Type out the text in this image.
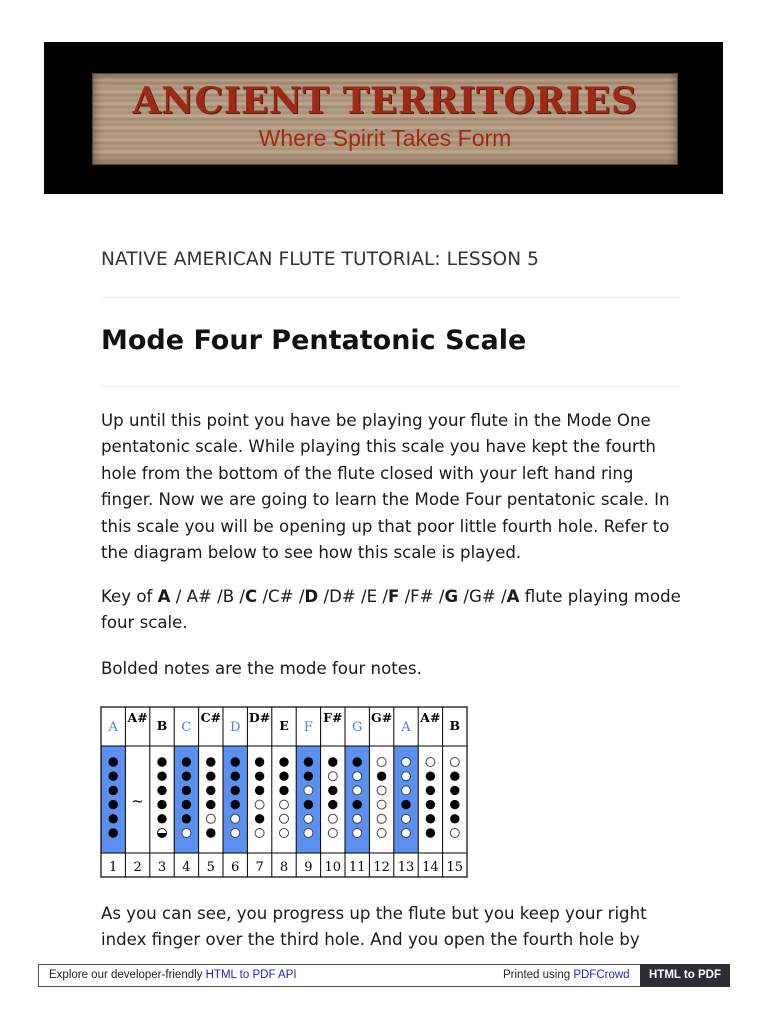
ANCIENT TERRITORIES
Where Spirit Takes Form
NATIVE AMERICAN FLUTE TUTORIAL: LESSON 5
Mode Four Pentatonic Scale
Up until this point you have be playing your flute in the Mode One pentatonic scale. While playing this scale you have kept the fourth hole from the bottom of the flute closed with your left hand ring finger. Now we are going to learn the Mode Four pentatonic scale. In this scale you will be opening up that poor little fourth hole. Refer to the diagram below to see how this scale is played.
Key of A / A# /B /C /C# /D /D# /E /F /F# /G /G# /A flute playing mode four scale.
Bolded notes are the mode four notes.
A
1
A#
2
~
B
3
C
4
C#
5
D
6
D#
7
E
8
F
9
F#
10
G
11
G#
12
A
13
A#
14
B
15
As you can see, you progress up the flute but you keep your right index finger over the third hole. And you open the fourth hole by
Explore our developer-friendly HTML to PDF API	Printed using PDFCrowd	HTML to PDF
